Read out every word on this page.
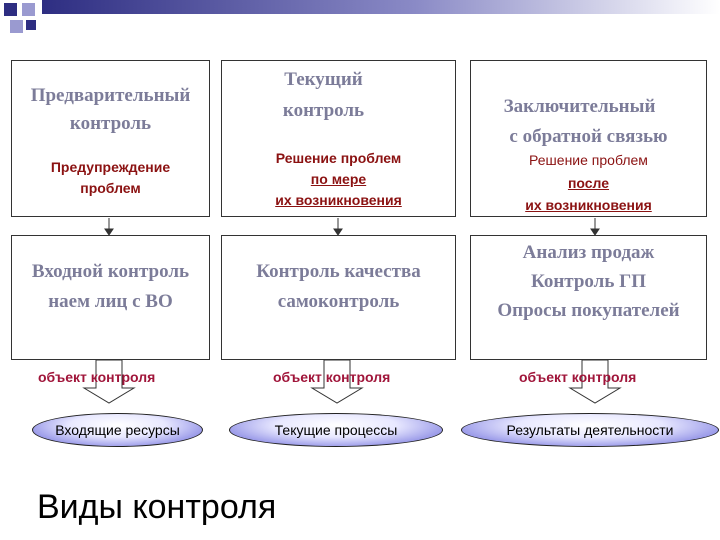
Предварительный
контроль
Предупреждение
проблем
Текущий
контроль
Решение проблем
по мере
их возникновения
Заключительный
с обратной связью
Решение проблем
после
их возникновения
Входной контроль
наем лиц с ВО
Контроль качества
самоконтроль
Анализ продаж
Контроль ГП
Опросы покупателей
объект контроля	объект контроля	объект контроля
Входящие ресурсы	Текущие процессы	Результаты деятельности
Виды контроля
